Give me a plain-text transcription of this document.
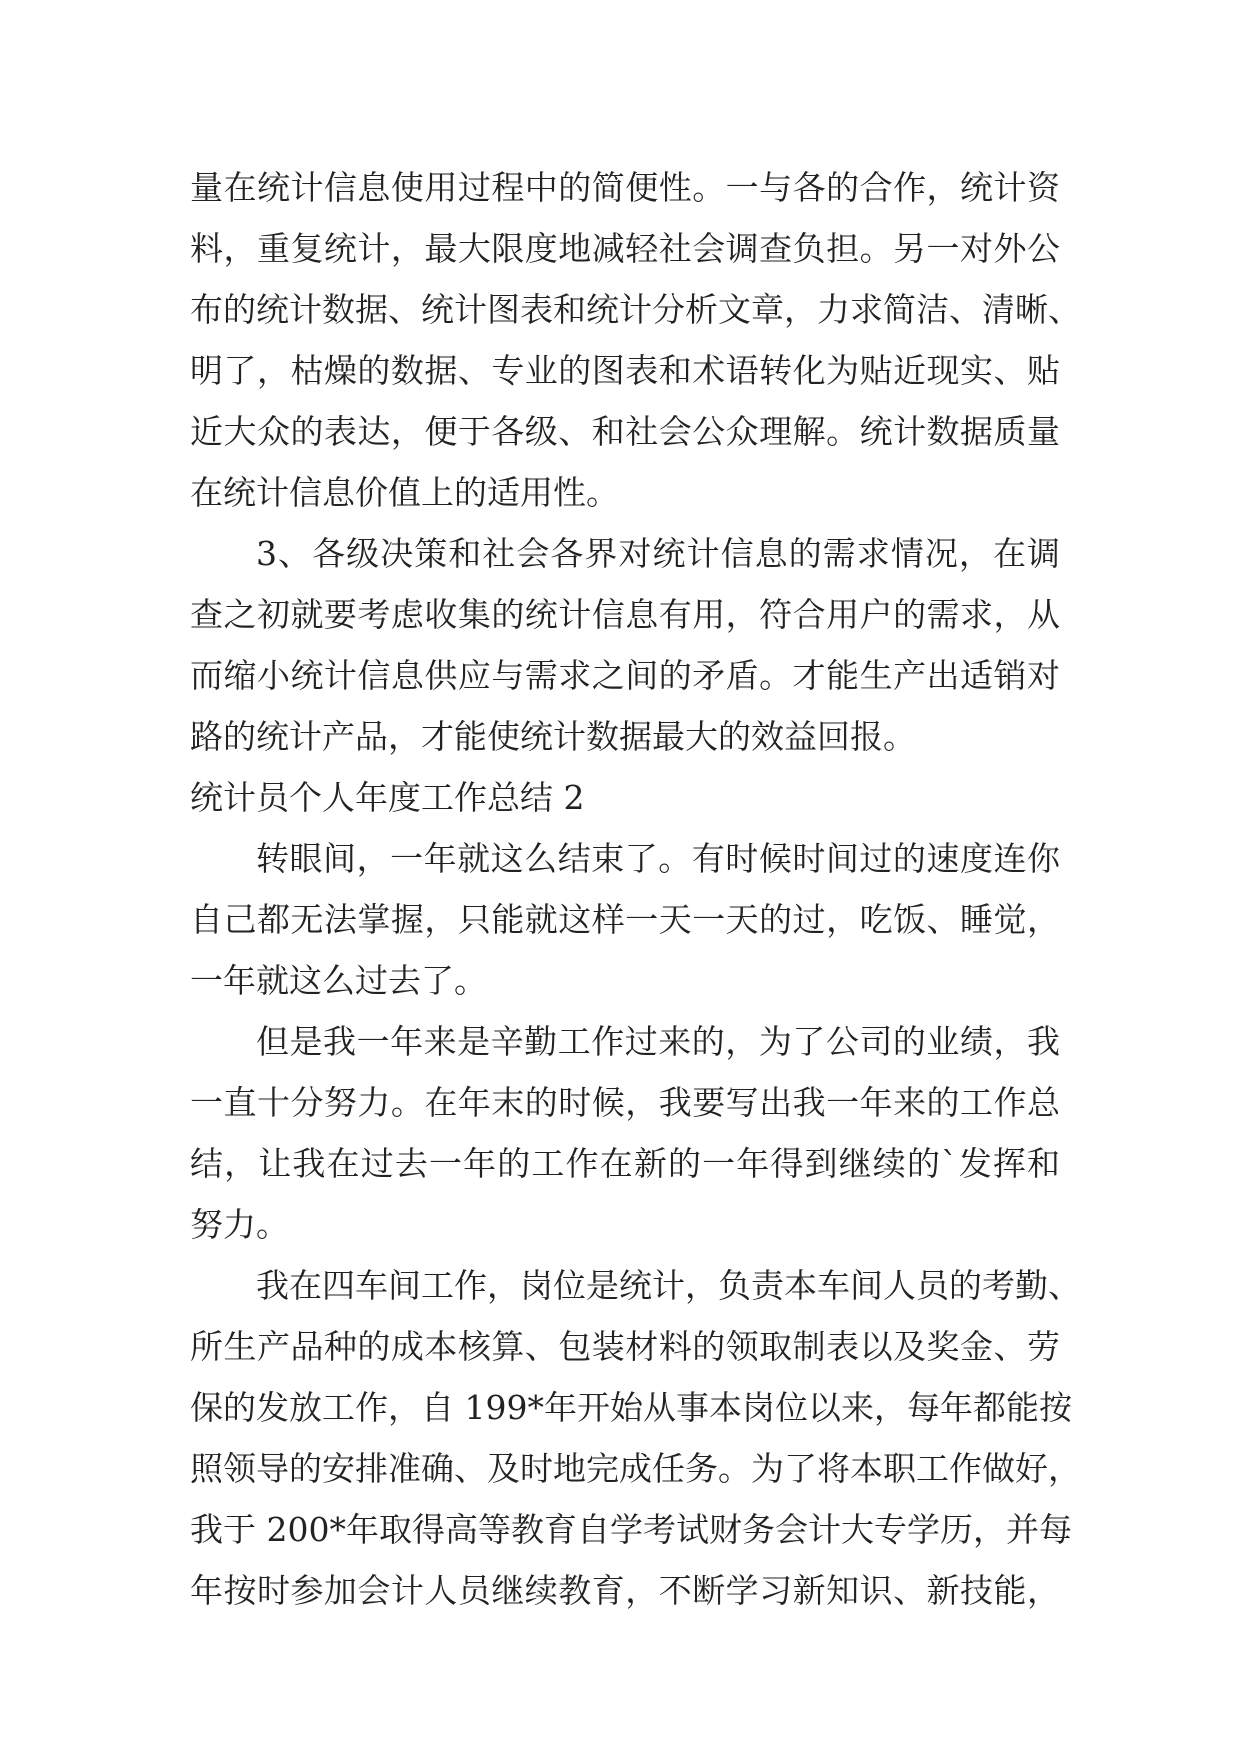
量在统计信息使用过程中的简便性。一与各的合作，统计资
料，重复统计，最大限度地减轻社会调查负担。另一对外公
布的统计数据、统计图表和统计分析文章，力求简洁、清晰、
明了，枯燥的数据、专业的图表和术语转化为贴近现实、贴
近大众的表达，便于各级、和社会公众理解。统计数据质量
在统计信息价值上的适用性。
3、各级决策和社会各界对统计信息的需求情况，在调
查之初就要考虑收集的统计信息有用，符合用户的需求，从
而缩小统计信息供应与需求之间的矛盾。才能生产出适销对
路的统计产品，才能使统计数据最大的效益回报。
统计员个人年度工作总结 2
转眼间，一年就这么结束了。有时候时间过的速度连你
自己都无法掌握，只能就这样一天一天的过，吃饭、睡觉，
一年就这么过去了。
但是我一年来是辛勤工作过来的，为了公司的业绩，我
一直十分努力。在年末的时候，我要写出我一年来的工作总
结，让我在过去一年的工作在新的一年得到继续的`发挥和
努力。
我在四车间工作，岗位是统计，负责本车间人员的考勤、
所生产品种的成本核算、包装材料的领取制表以及奖金、劳
保的发放工作，自 199*年开始从事本岗位以来，每年都能按
照领导的安排准确、及时地完成任务。为了将本职工作做好，
我于 200*年取得高等教育自学考试财务会计大专学历，并每
年按时参加会计人员继续教育，不断学习新知识、新技能，
